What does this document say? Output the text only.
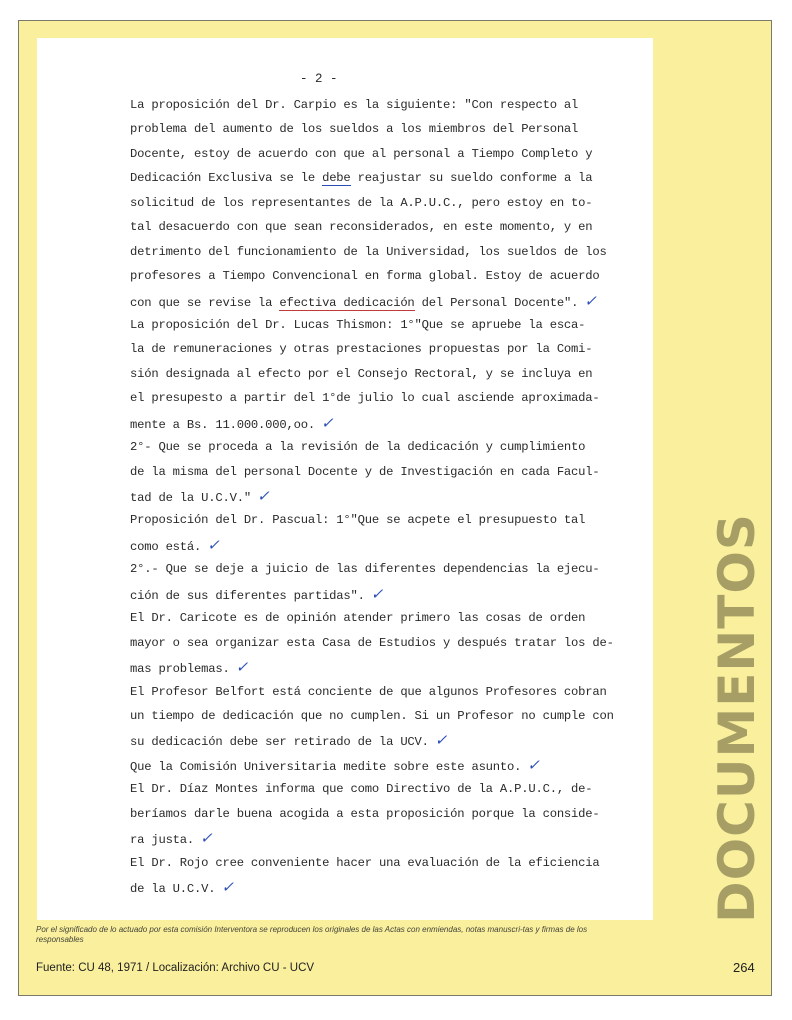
- 2 -
La proposición del Dr. Carpio es la siguiente: "Con respecto al
problema del aumento de los sueldos a los miembros del Personal
Docente, estoy de acuerdo con que al personal a Tiempo Completo y
Dedicación Exclusiva se le debe reajustar su sueldo conforme a la
solicitud de los representantes de la A.P.U.C., pero estoy en to-
tal desacuerdo con que sean reconsiderados, en este momento, y en
detrimento del funcionamiento de la Universidad, los sueldos de los
profesores a Tiempo Convencional en forma global. Estoy de acuerdo
con que se revise la efectiva dedicación del Personal Docente". ✓
La proposición del Dr. Lucas Thismon: 1°"Que se apruebe la esca-
la de remuneraciones y otras prestaciones propuestas por la Comi-
sión designada al efecto por el Consejo Rectoral, y se incluya en
el presupesto a partir del 1°de julio lo cual asciende aproximada-
mente a Bs. 11.000.000,oo. ✓
2°- Que se proceda a la revisión de la dedicación y cumplimiento
de la misma del personal Docente y de Investigación en cada Facul-
tad de la U.C.V." ✓
Proposición del Dr. Pascual: 1°"Que se acpete el presupuesto tal
como está. ✓
2°.- Que se deje a juicio de las diferentes dependencias la ejecu-
ción de sus diferentes partidas". ✓
El Dr. Caricote es de opinión atender primero las cosas de orden
mayor o sea organizar esta Casa de Estudios y después tratar los de-
mas problemas. ✓
El Profesor Belfort está conciente de que algunos Profesores cobran
un tiempo de dedicación que no cumplen. Si un Profesor no cumple con
su dedicación debe ser retirado de la UCV. ✓
Que la Comisión Universitaria medite sobre este asunto. ✓
El Dr. Díaz Montes informa que como Directivo de la A.P.U.C., de-
beríamos darle buena acogida a esta proposición porque la conside-
ra justa. ✓
El Dr. Rojo cree conveniente hacer una evaluación de la eficiencia
de la U.C.V. ✓	DOCUMENTOS
Por el significado de lo actuado por esta comisión Interventora se reproducen los originales de las Actas con enmiendas, notas manuscri-tas y firmas de los responsables
Fuente: CU 48, 1971 / Localización: Archivo CU - UCV	264
